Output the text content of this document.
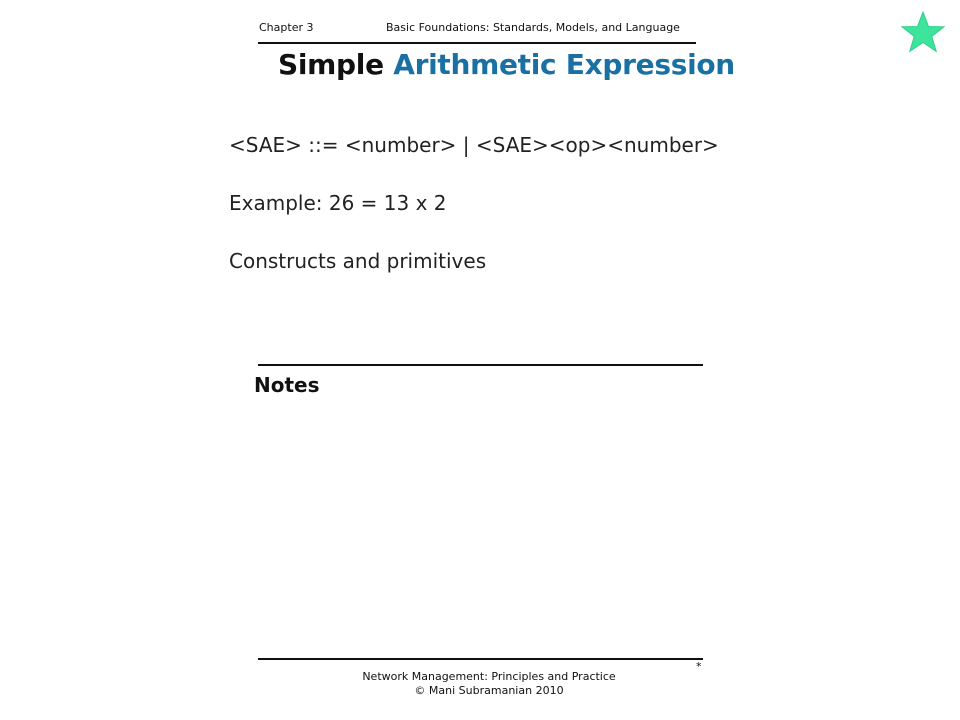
Chapter 3	Basic Foundations: Standards, Models, and Language
Simple Arithmetic Expression
<SAE> ::= <number> | <SAE><op><number>
Example: 26 = 13 x 2
Constructs and primitives
Notes
Network Management: Principles and Practice
© Mani Subramanian 2010
*
